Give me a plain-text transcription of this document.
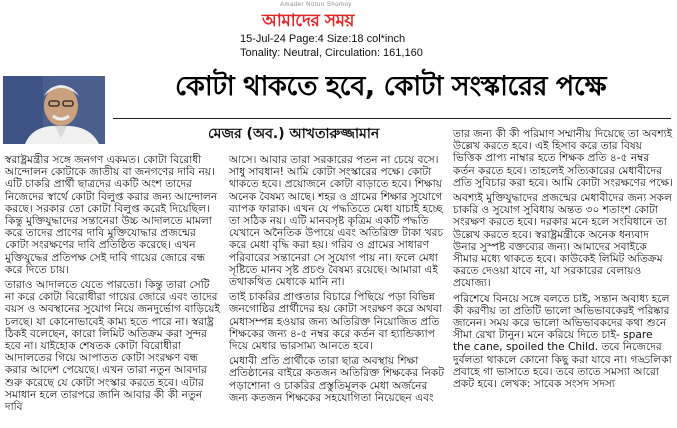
Amader Notun Shomoy
আমাদের সময়
15-Jul-24 Page:4 Size:18 col*inch
Tonality: Neutral, Circulation: 161,160
কোটা থাকতে হবে, কোটা সংস্কারের পক্ষে
মেজর (অব.) আখতারুজ্জামান

স্বরাষ্ট্রমন্ত্রীর সঙ্গে জনগণ একমত। কোটা বিরোধী আন্দোলন কোটাকে জাতীয় বা জনগণের দাবি নয়। এটি চাকরি প্রার্থী ছাত্রদের একটি অংশ তাদের নিজেদের স্বার্থে কোটা বিলুপ্ত করার জন্য আন্দোলন করছে। সরকার তো কোটা বিলুপ্ত করেই দিয়েছিল। কিন্তু মুক্তিযুদ্ধাদের সন্তানেরা উচ্চ আদালতে মামলা করে তাদের প্রাণের দাবি মুক্তিযোদ্ধার প্রজন্মের কোটা সংরক্ষণের দাবি প্রতিষ্ঠিত করেছে। এখন মুক্তিযুদ্ধের প্রতিপক্ষ সেই দাবি গায়ের জোরে বন্ধ করে দিতে চায়।

তারাও আদালতে যেতে পারতো। কিন্তু তারা সেটি না করে কোটা বিরোধীরা গায়ের জোরে এবং তাদের বয়স ও অবস্থানের সুযোগ নিয়ে জনদুর্ভোগ বাড়িয়েই চলছে। যা কোনোভাবেই কাম্য হতে পারে না। স্বরাষ্ট্র ঠিকই বলেছেন, কারো লিমিট অতিক্রম করা সুন্দর হবে না। যাইহোক শেষতক কোটা বিরোধীরা আদালতের গিয়ে আপাতত কোটা সংরক্ষণ বন্ধ করার আদেশ পেয়েছে। এখন তারা নতুন আবদার শুরু করেছে যে কোটা সংস্কার করতে হবে। এটার সমাধান হলে তারপরে জানি আবার কী কী নতুন দাবি

আসে। আবার তারা সরকারের পতন না চেয়ে বসে। সাধু সাবধান! আমি কোটা সংস্কারের পক্ষে। কোটা থাকতে হবে। প্রয়োজনে কোটা বাড়াতে হবে। শিক্ষায় অনেক বৈষম্য আছে। শহর ও গ্রামের শিক্ষার সুযোগে ব্যাপক ফারাক। এখন যে পদ্ধতিতে মেধা যাচাই হচ্ছে তা সঠিক নয়। এটি মানবসৃষ্ট কৃত্রিম একটি পদ্ধতি যেখানে অনৈতিক উপায়ে এবং অতিরিক্ত টাকা খরচ করে মেধা বৃদ্ধি করা হয়। গরিব ও গ্রামের সাধারণ পরিবারের সন্তানেরা সে সুযোগ পায় না। ফলে মেধা সৃষ্টিতে মানব সৃষ্ট প্রচণ্ড বৈষম্য রয়েছে। আমারা এই তথাকথিত মেধাকে মানি না।

তাই চাকরির প্রাপ্ততার বিচারে পিছিয়ে পড়া বিভিন্ন জনগোষ্ঠির প্রার্থীদের হয় কোটা সংরক্ষণ করে অথবা মেধাসম্পন্ন হওয়ার জন্য অতিরিক্ত নিয়োজিত প্রতি শিক্ষকের জন্য ৪-৫ নম্বর করে কর্তন বা হ্যান্ডিক্যাপ দিয়ে মেধার ভারসাম্য আনতে হবে।

মেধাবী প্রতি প্রার্থীকে তারা ছাত্র অবস্থায় শিক্ষা প্রতিষ্ঠানের বাইরে কতজন অতিরিক্ত শিক্ষকের নিকট পড়াশোনা ও চাকরির প্রস্তুতিমূলক মেধা অর্জনের জন্য কতজন শিক্ষকের সহযোগিতা নিয়েছেন এবং

তার জন্য কী কী পরিমাণ সম্মানীয় দিয়েছে তা অবশ্যই উল্লেখ করতে হবে। এই হিসাব করে তার বিষয় ভিত্তিক প্রাপ্য নাম্বার হতে শিক্ষক প্রতি ৪-৫ নম্বর কর্তন করতে হবে। তাহলেই সত্যিকারের মেধাবীদের প্রতি সুবিচার করা হবে। আমি কোটা সংরক্ষণের পক্ষে।

অবশ্যই মুক্তিযুদ্ধাদের প্রজন্মের মেধাবীদের জন্য সকল চাকরি ও সুযোগ সুবিধায় অন্তত ৩০ শতাংশ কোটা সংরক্ষণ করতে হবে। দরকার মনে হলে সংবিধানে তা উল্লেখ করতে হবে। স্বরাষ্ট্রমন্ত্রীকে অনেক ধন্যবাদ উনার সুস্পষ্ট বক্তব্যের জন্য। আমাদের সবাইকে সীমার মধ্যে থাকতে হবে। কাউকেই লিমিট অতিক্রম করতে দেওয়া যাবে না, যা সরকারের বেলায়ও প্রযোজ্য।

পরিশেষে বিনয়ে সঙ্গে বলতে চাই, সন্তান অবাধ্য হলে কী করণীয় তা প্রতিটি ভালো অভিভাবকেরই পরিষ্কার জানেন। সময় করে ভালো অভিভাবকদের কথা শুনে সীমা রেখা টানুন। মনে করিয়ে দিতে চাই- spare the cane, spoiled the Child. তবে নিজেদের দুর্বলতা থাকলে কোনো কিছু করা যাবে না। গড্ডলিকা প্রবাহে গা ভাসাতে হবে। তবে তাতে সমস্যা আরো প্রকট হবে। লেখক: সাবেক সংসদ সদস্য
